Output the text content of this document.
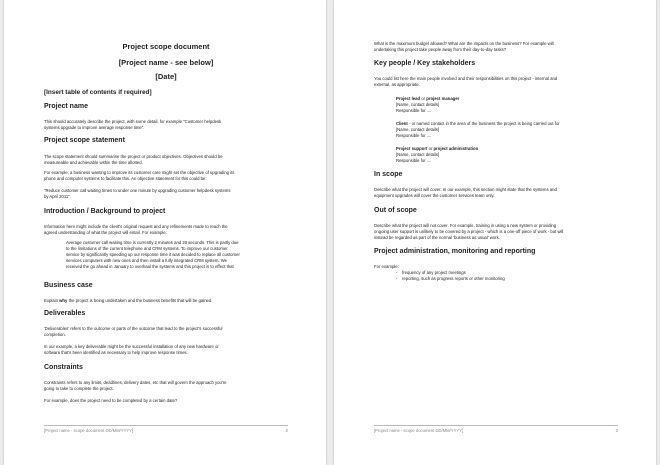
Project scope document
[Project name - see below]
[Date]
[Insert table of contents if required]
Project name
This should accurately describe the project, with some detail, for example "Customer helpdesk
systems upgrade to improve average response time".
Project scope statement
The scope statement should summarise the project or product objectives. Objectives should be
measureable and achievable within the time allotted.
For example, a business wanting to improve its customer care might set the objective of upgrading its
phone and computer systems to facilitate this. An objective statement for this could be:
"Reduce customer call waiting times to under one minute by upgrading customer helpdesk systems
by April 2011".
Introduction / Background to project
Information here might include the client's original request and any refinements made to reach the
agreed understanding of what the project will entail. For example:
Average customer call waiting time is currently 2 minutes and 20 seconds. This is partly due
to the limitations of the current telephone and CRM systems. To improve our customer
service by significantly speeding up our response time it was decided to replace all customer
services computers with new ones and then install a fully integrated CRM system. We
received the go ahead in January to overhaul the systems and this project is to effect that
Business case
Explain why the project is being undertaken and the business benefits that will be gained.
Deliverables
'Deliverables' refers to the outcome or parts of the outcome that lead to the project's successful
completion.
In our example, a key deliverable might be the successful installation of any new hardware or
software that's been identified as necessary to help improve response times.
Constraints
Constraints refers to any limits, deadlines, delivery dates, etc that will govern the approach you're
going to take to complete the project.
For example, does the project need to be completed by a certain date?
[Project name - scope document DD/MM/YYYY]	2
What is the maximum budget allowed? What are the impacts on the business? For example will
undertaking this project take people away from their day-to-day tasks?
Key people / Key stakeholders
You could list here the main people involved and their responsibilities on this project - internal and
external, as appropriate.
Project lead or project manager
[Name, contact details]
Responsible for ....
Client - or named contact in the area of the business the project is being carried out for
[Name, contact details]
Responsible for ....
Project support or project administration
[Name, contact details]
Responsible for ....
In scope
Describe what the project will cover. In our example, this section might state that the systems and
equipment upgrades will cover the customer services team only.
Out of scope
Describe what the project will not cover. For example, training in using a new system or providing
ongoing user support is unlikely to be covered by a project - which is a one-off piece of work - but will
instead be regarded as part of the normal 'business as usual' work.
Project administration, monitoring and reporting
For example:
- frequency of any project meetings
- reporting, such as progress reports or other monitoring
[Project name - scope document DD/MM/YYYY]	3
